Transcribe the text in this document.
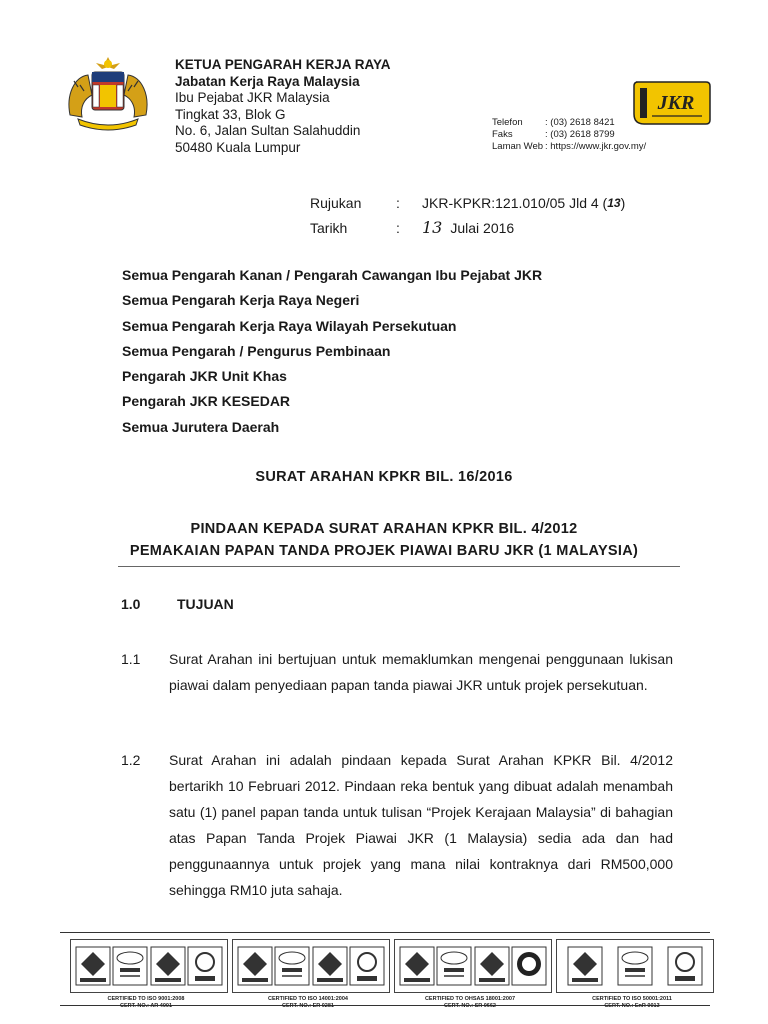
KETUA PENGARAH KERJA RAYA
Jabatan Kerja Raya Malaysia
Ibu Pejabat JKR Malaysia
Tingkat 33, Blok G
No. 6, Jalan Sultan Salahuddin
50480 Kuala Lumpur
Telefon	: (03) 2618 8421
Faks	: (03) 2618 8799
Laman Web : https://www.jkr.gov.my/
JKR
Rujukan	:	JKR-KPKR:121.010/05 Jld 4 ( 13 )
Tarikh	:	13 Julai 2016
Semua Pengarah Kanan / Pengarah Cawangan Ibu Pejabat JKR
Semua Pengarah Kerja Raya Negeri
Semua Pengarah Kerja Raya Wilayah Persekutuan
Semua Pengarah / Pengurus Pembinaan
Pengarah JKR Unit Khas
Pengarah JKR KESEDAR
Semua Jurutera Daerah
SURAT ARAHAN KPKR BIL. 16/2016
PINDAAN KEPADA SURAT ARAHAN KPKR BIL. 4/2012
PEMAKAIAN PAPAN TANDA PROJEK PIAWAI BARU JKR (1 MALAYSIA)
1.0	TUJUAN
1.1	Surat Arahan ini bertujuan untuk memaklumkan mengenai penggunaan lukisan piawai dalam penyediaan papan tanda piawai JKR untuk projek persekutuan.
1.2	Surat Arahan ini adalah pindaan kepada Surat Arahan KPKR Bil. 4/2012 bertarikh 10 Februari 2012. Pindaan reka bentuk yang dibuat adalah menambah satu (1) panel papan tanda untuk tulisan “Projek Kerajaan Malaysia” di bahagian atas Papan Tanda Projek Piawai JKR (1 Malaysia) sedia ada dan had penggunaannya untuk projek yang mana nilai kontraknya dari RM500,000 sehingga RM10 juta sahaja.
CERTIFIED TO ISO 9001:2008
CERT. NO.: AR 4001
CERTIFIED TO ISO 14001:2004
CERT. NO.: ER 0281
CERTIFIED TO OHSAS 18001:2007
CERT. NO.: SR 0662
CERTIFIED TO ISO 50001:2011
CERT. NO.: EnR 0013
